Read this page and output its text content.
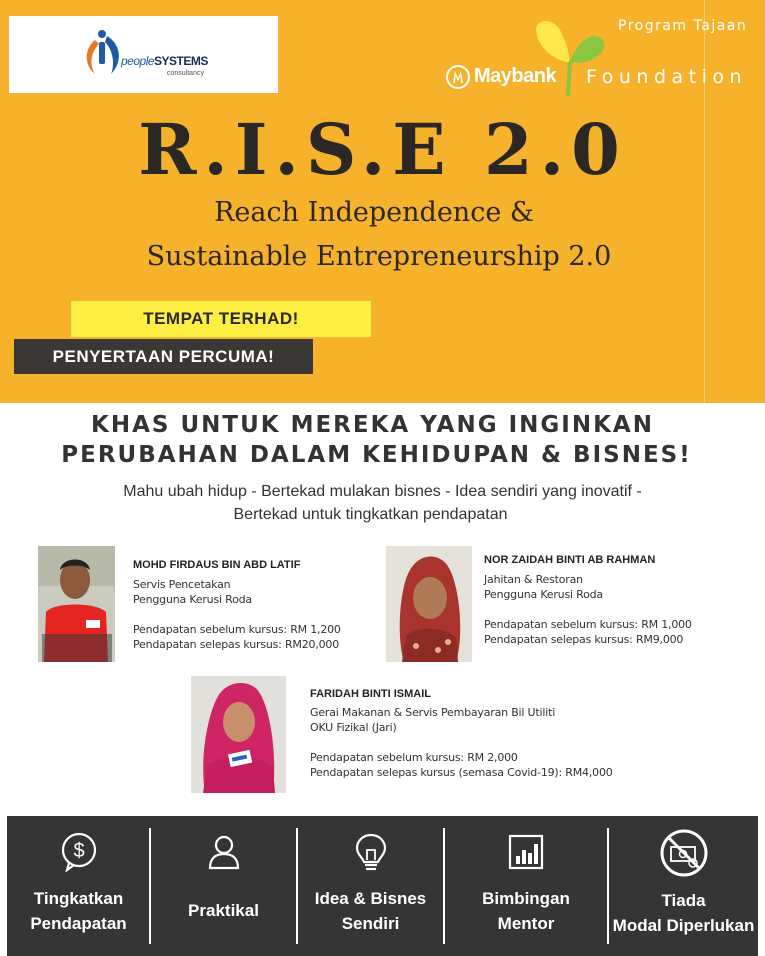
peopleSYSTEMS
consultancy
Program Tajaan
Maybank Foundation
R.I.S.E 2.0
Reach Independence &
Sustainable Entrepreneurship 2.0
TEMPAT TERHAD!
PENYERTAAN PERCUMA!
KHAS UNTUK MEREKA YANG INGINKAN
PERUBAHAN DALAM KEHIDUPAN & BISNES!
Mahu ubah hidup - Bertekad mulakan bisnes - Idea sendiri yang inovatif -
Bertekad untuk tingkatkan pendapatan
MOHD FIRDAUS BIN ABD LATIF
Servis Pencetakan
Pengguna Kerusi Roda
Pendapatan sebelum kursus: RM 1,200
Pendapatan selepas kursus: RM20,000
NOR ZAIDAH BINTI AB RAHMAN
Jahitan & Restoran
Pengguna Kerusi Roda
Pendapatan sebelum kursus: RM 1,000
Pendapatan selepas kursus: RM9,000
FARIDAH BINTI ISMAIL
Gerai Makanan & Servis Pembayaran Bil Utiliti
OKU Fizikal (Jari)
Pendapatan sebelum kursus: RM 2,000
Pendapatan selepas kursus (semasa Covid-19): RM4,000
$
Tingkatkan
Pendapatan
Praktikal
Idea & Bisnes
Sendiri
Bimbingan
Mentor
Tiada
Modal Diperlukan
